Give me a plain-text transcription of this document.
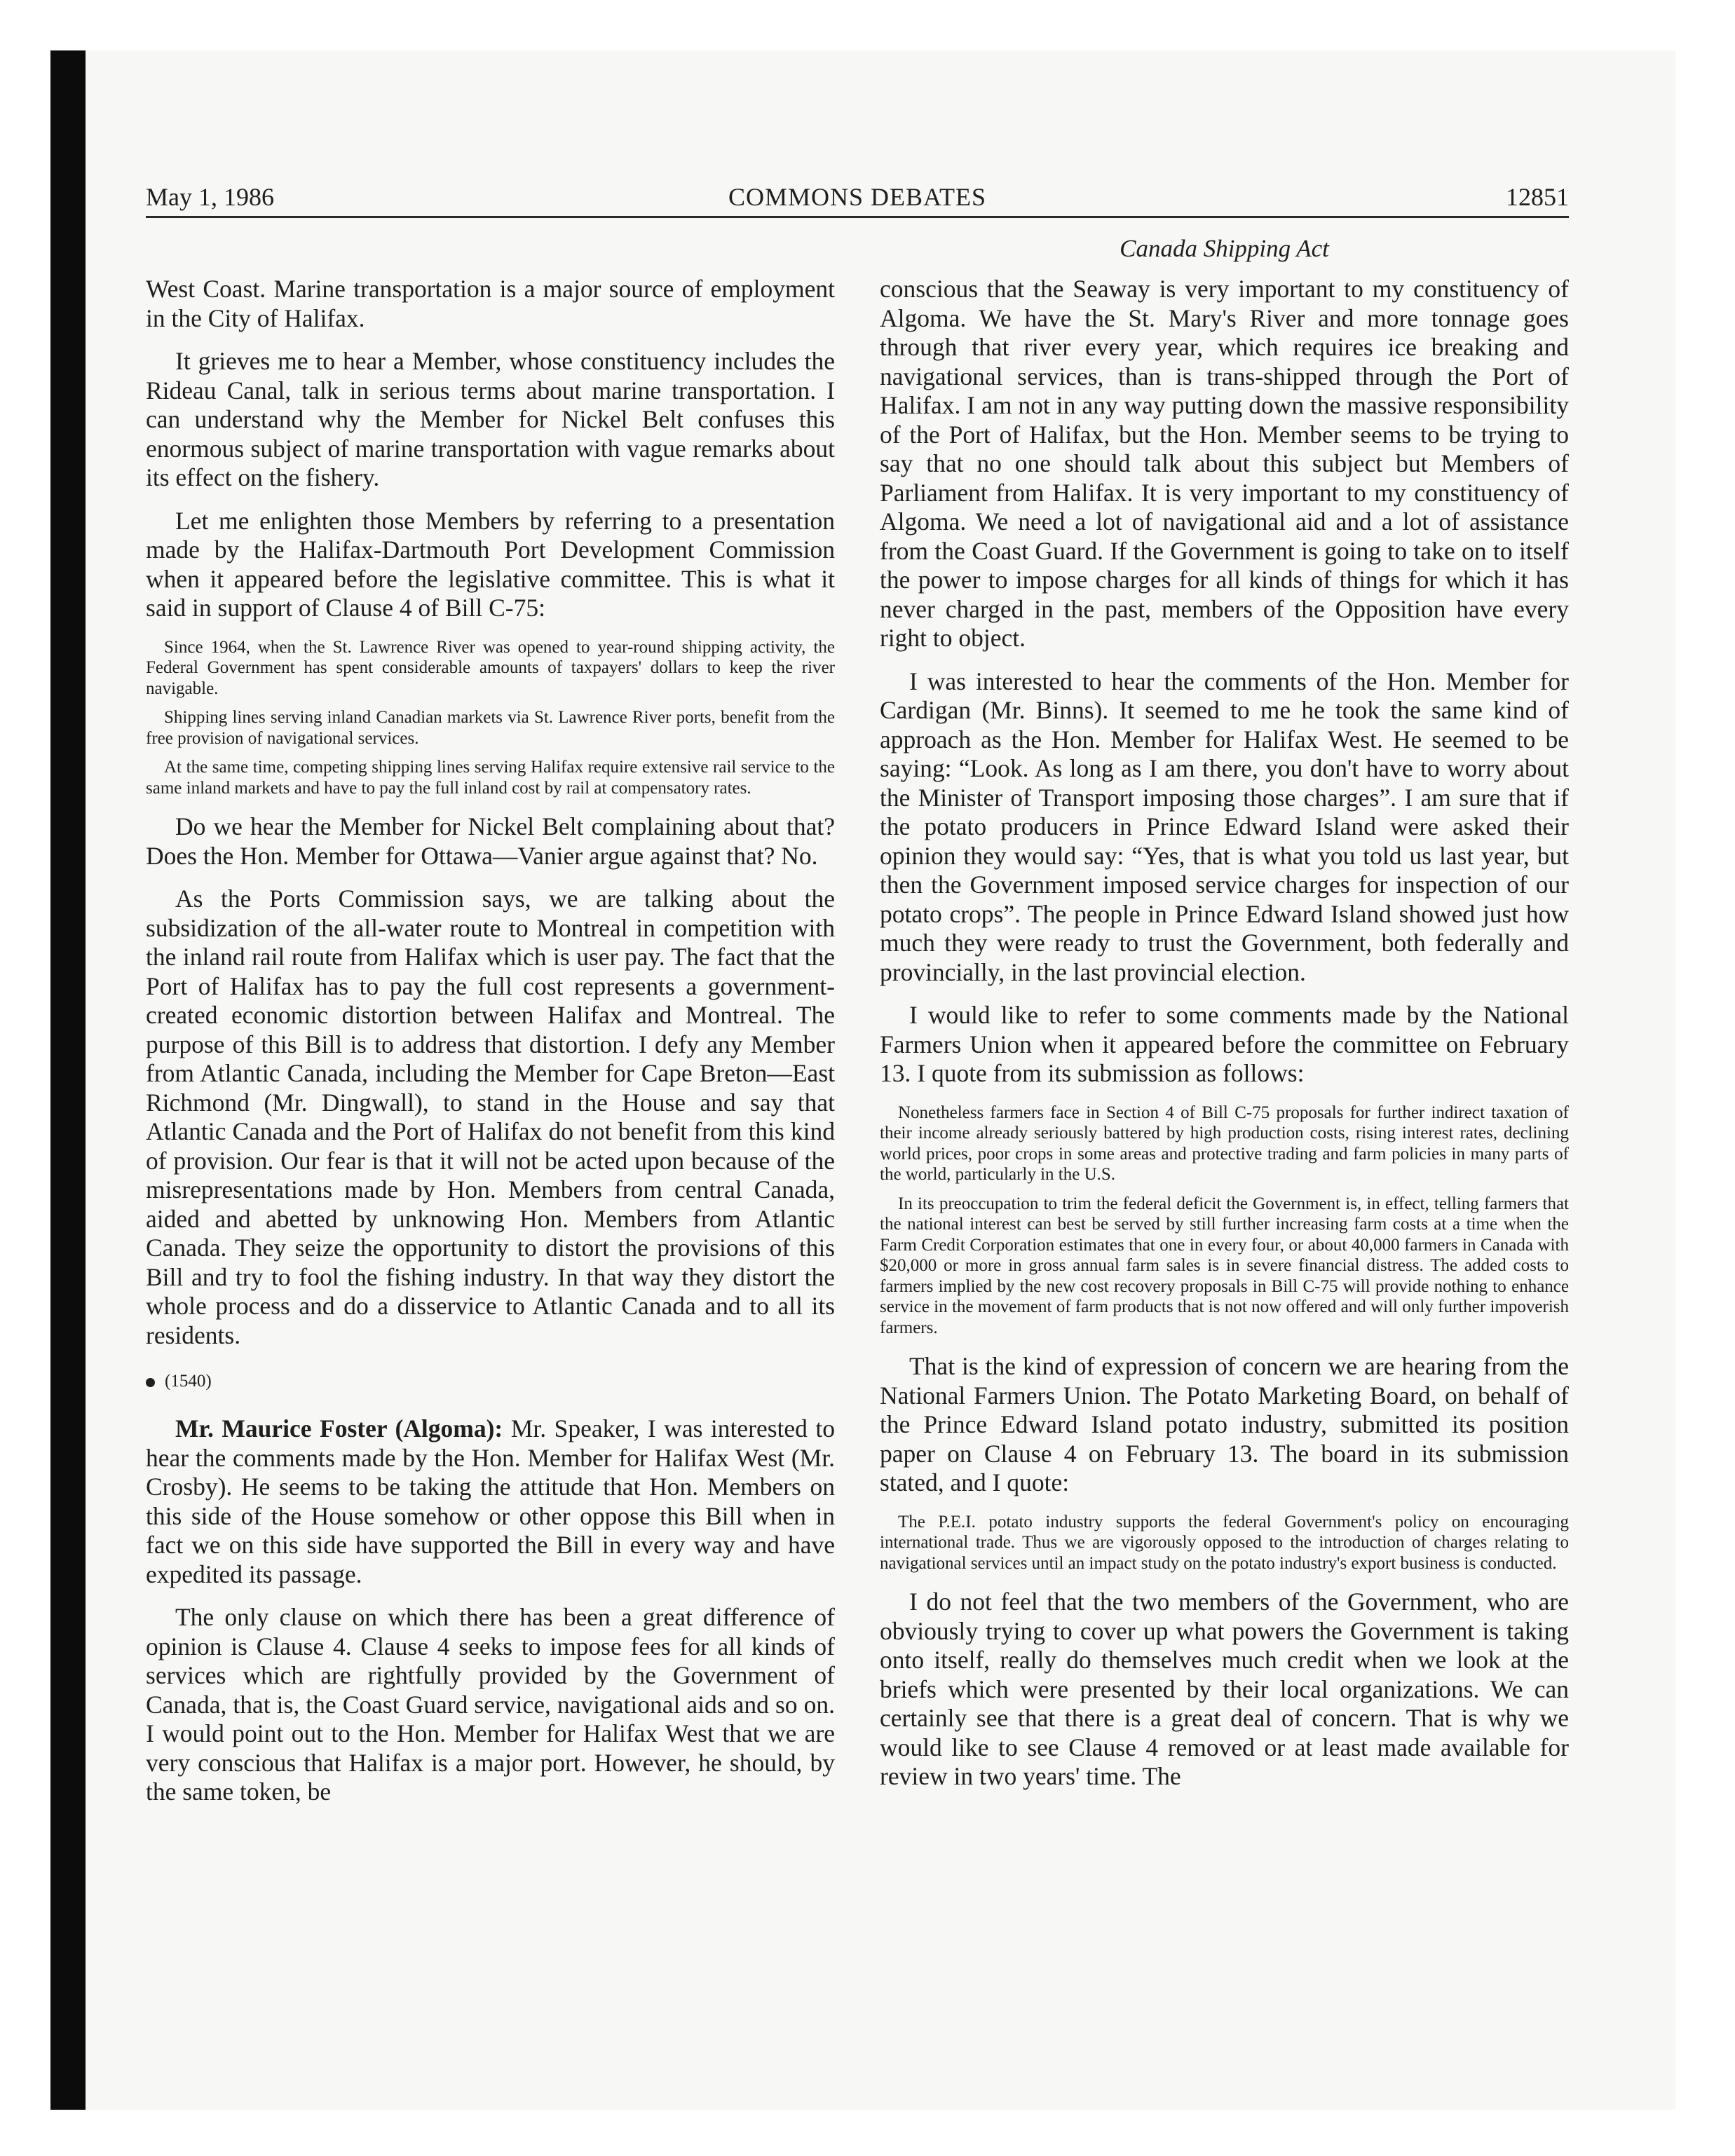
May 1, 1986	COMMONS DEBATES	12851
Canada Shipping Act

West Coast. Marine transportation is a major source of employment in the City of Halifax.

It grieves me to hear a Member, whose constituency includes the Rideau Canal, talk in serious terms about marine transportation. I can understand why the Member for Nickel Belt confuses this enormous subject of marine transportation with vague remarks about its effect on the fishery.

Let me enlighten those Members by referring to a presentation made by the Halifax-Dartmouth Port Development Commission when it appeared before the legislative committee. This is what it said in support of Clause 4 of Bill C-75:

Since 1964, when the St. Lawrence River was opened to year-round shipping activity, the Federal Government has spent considerable amounts of taxpayers' dollars to keep the river navigable.

Shipping lines serving inland Canadian markets via St. Lawrence River ports, benefit from the free provision of navigational services.

At the same time, competing shipping lines serving Halifax require extensive rail service to the same inland markets and have to pay the full inland cost by rail at compensatory rates.

Do we hear the Member for Nickel Belt complaining about that? Does the Hon. Member for Ottawa—Vanier argue against that? No.

As the Ports Commission says, we are talking about the subsidization of the all-water route to Montreal in competition with the inland rail route from Halifax which is user pay. The fact that the Port of Halifax has to pay the full cost represents a government-created economic distortion between Halifax and Montreal. The purpose of this Bill is to address that distortion. I defy any Member from Atlantic Canada, including the Member for Cape Breton—East Richmond (Mr. Dingwall), to stand in the House and say that Atlantic Canada and the Port of Halifax do not benefit from this kind of provision. Our fear is that it will not be acted upon because of the misrepresentations made by Hon. Members from central Canada, aided and abetted by unknowing Hon. Members from Atlantic Canada. They seize the opportunity to distort the provisions of this Bill and try to fool the fishing industry. In that way they distort the whole process and do a disservice to Atlantic Canada and to all its residents.

(1540)

Mr. Maurice Foster (Algoma): Mr. Speaker, I was interested to hear the comments made by the Hon. Member for Halifax West (Mr. Crosby). He seems to be taking the attitude that Hon. Members on this side of the House somehow or other oppose this Bill when in fact we on this side have supported the Bill in every way and have expedited its passage.

The only clause on which there has been a great difference of opinion is Clause 4. Clause 4 seeks to impose fees for all kinds of services which are rightfully provided by the Government of Canada, that is, the Coast Guard service, navigational aids and so on. I would point out to the Hon. Member for Halifax West that we are very conscious that Halifax is a major port. However, he should, by the same token, be

conscious that the Seaway is very important to my constituency of Algoma. We have the St. Mary's River and more tonnage goes through that river every year, which requires ice breaking and navigational services, than is trans-shipped through the Port of Halifax. I am not in any way putting down the massive responsibility of the Port of Halifax, but the Hon. Member seems to be trying to say that no one should talk about this subject but Members of Parliament from Halifax. It is very important to my constituency of Algoma. We need a lot of navigational aid and a lot of assistance from the Coast Guard. If the Government is going to take on to itself the power to impose charges for all kinds of things for which it has never charged in the past, members of the Opposition have every right to object.

I was interested to hear the comments of the Hon. Member for Cardigan (Mr. Binns). It seemed to me he took the same kind of approach as the Hon. Member for Halifax West. He seemed to be saying: “Look. As long as I am there, you don't have to worry about the Minister of Transport imposing those charges”. I am sure that if the potato producers in Prince Edward Island were asked their opinion they would say: “Yes, that is what you told us last year, but then the Government imposed service charges for inspection of our potato crops”. The people in Prince Edward Island showed just how much they were ready to trust the Government, both federally and provincially, in the last provincial election.

I would like to refer to some comments made by the National Farmers Union when it appeared before the committee on February 13. I quote from its submission as follows:

Nonetheless farmers face in Section 4 of Bill C-75 proposals for further indirect taxation of their income already seriously battered by high production costs, rising interest rates, declining world prices, poor crops in some areas and protective trading and farm policies in many parts of the world, particularly in the U.S.

In its preoccupation to trim the federal deficit the Government is, in effect, telling farmers that the national interest can best be served by still further increasing farm costs at a time when the Farm Credit Corporation estimates that one in every four, or about 40,000 farmers in Canada with $20,000 or more in gross annual farm sales is in severe financial distress. The added costs to farmers implied by the new cost recovery proposals in Bill C-75 will provide nothing to enhance service in the movement of farm products that is not now offered and will only further impoverish farmers.

That is the kind of expression of concern we are hearing from the National Farmers Union. The Potato Marketing Board, on behalf of the Prince Edward Island potato industry, submitted its position paper on Clause 4 on February 13. The board in its submission stated, and I quote:

The P.E.I. potato industry supports the federal Government's policy on encouraging international trade. Thus we are vigorously opposed to the introduction of charges relating to navigational services until an impact study on the potato industry's export business is conducted.

I do not feel that the two members of the Government, who are obviously trying to cover up what powers the Government is taking onto itself, really do themselves much credit when we look at the briefs which were presented by their local organizations. We can certainly see that there is a great deal of concern. That is why we would like to see Clause 4 removed or at least made available for review in two years' time. The
